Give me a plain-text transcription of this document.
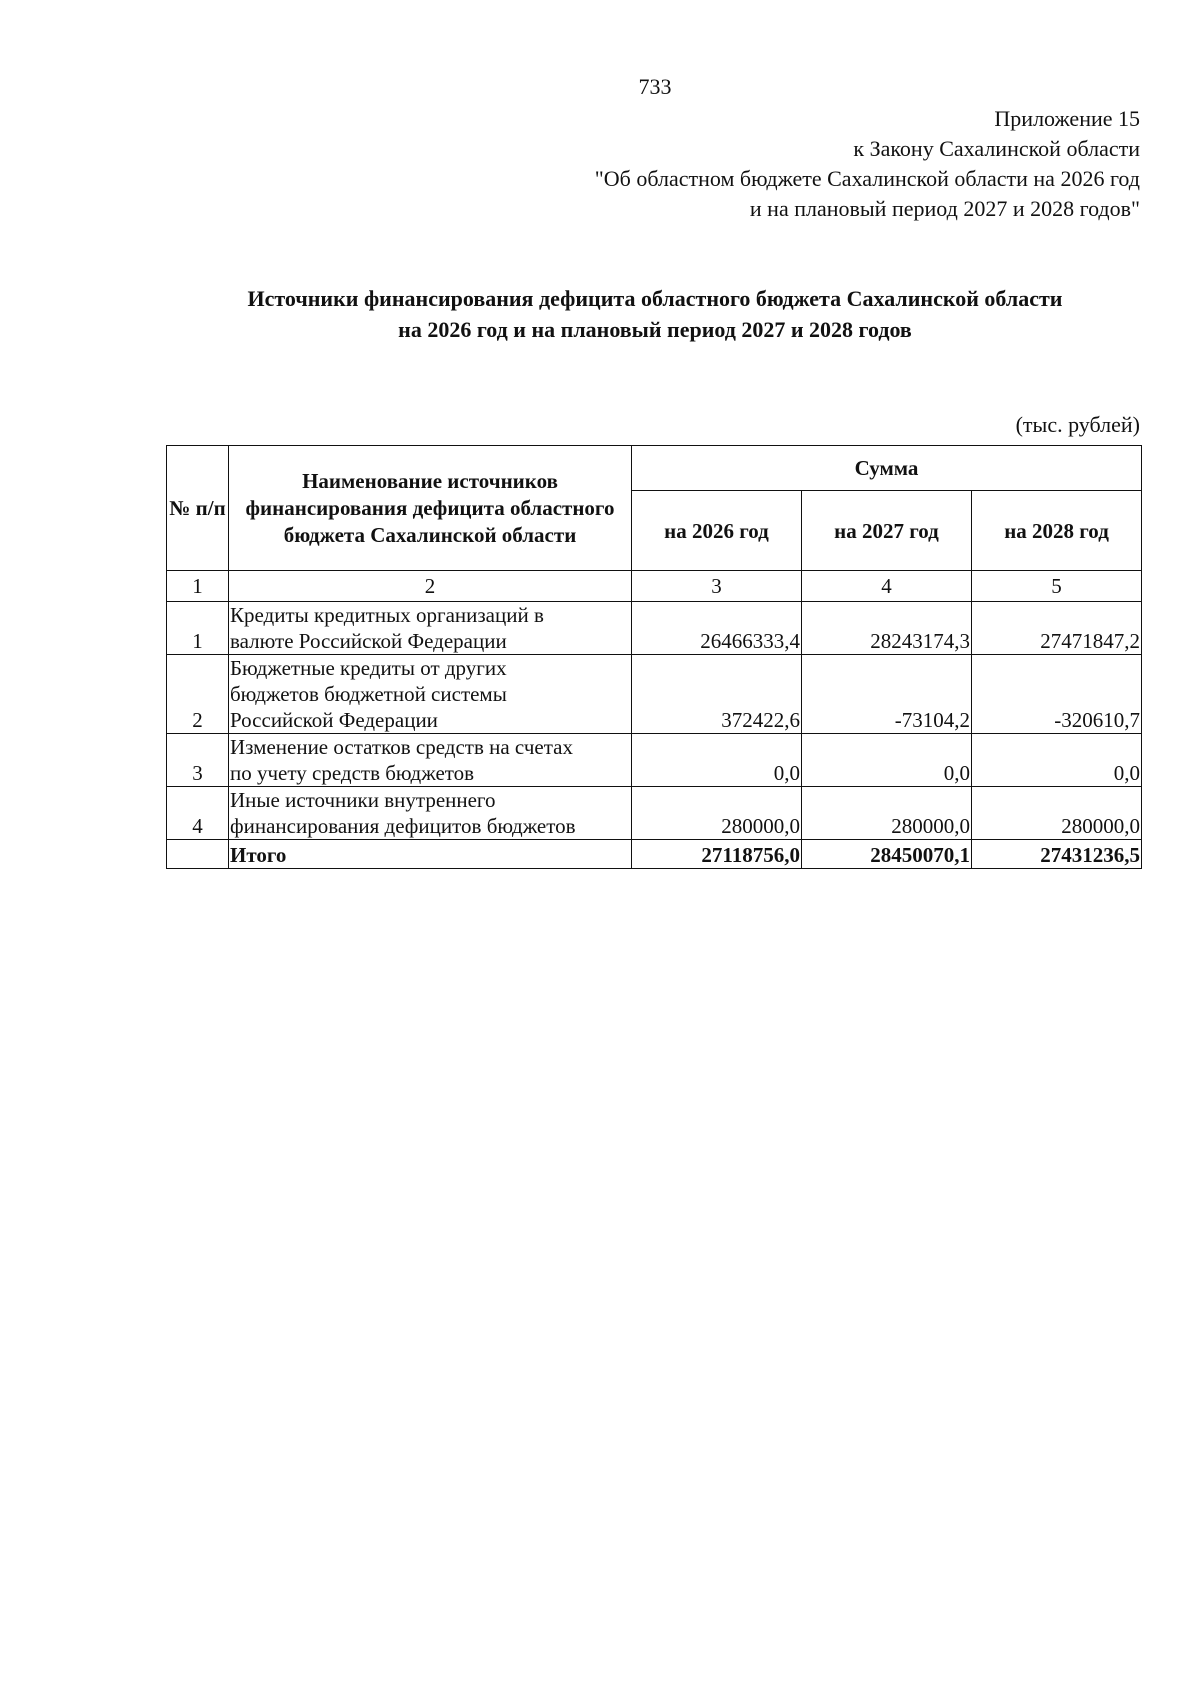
733
Приложение 15
к Закону Сахалинской области
"Об областном бюджете Сахалинской области на 2026 год
и на плановый период 2027 и 2028 годов"
Источники финансирования дефицита областного бюджета Сахалинской области
на 2026 год и на плановый период 2027 и 2028 годов
(тыс. рублей)
№ п/п	Наименование источников финансирования дефицита областного бюджета Сахалинской области	Сумма		
		на 2026 год	на 2027 год	на 2028 год
1	2	3	4	5
1	Кредиты кредитных организаций в
валюте Российской Федерации	26466333,4	28243174,3	27471847,2
2	Бюджетные кредиты от других
бюджетов бюджетной системы
Российской Федерации	372422,6	-73104,2	-320610,7
3	Изменение остатков средств на счетах
по учету средств бюджетов	0,0	0,0	0,0
4	Иные источники внутреннего
финансирования дефицитов бюджетов	280000,0	280000,0	280000,0
	Итого	27118756,0	28450070,1	27431236,5
